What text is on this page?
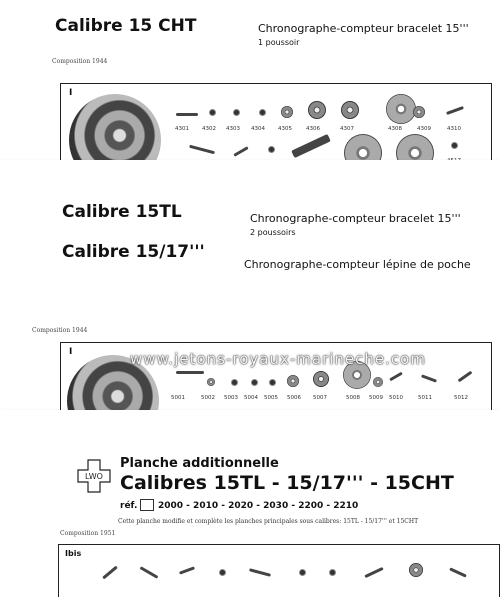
Calibre 15 CHT	Chronographe-compteur bracelet 15'''
1 poussoir
Composition 1944
I
4301 4302 4303 4304 4305	4306	4307	4308	4309	4310
Calibre 15TL	Chronographe-compteur bracelet 15'''
2 poussoirs
Calibre 15/17'''
Chronographe-compteur lépine de poche
Composition 1944
I
5001	5002 5003 5004 5005 5006 5007	5008 5009 5010	5011	5012
www.jetons-royaux-marineche.com
LWO
Planche additionnelle
Calibres 15TL - 15/17''' - 15CHT
réf. 2000 - 2010 - 2020 - 2030 - 2200 - 2210
Cette planche modifie et complète les planches principales sous calibres: 15TL - 15/17''' et 15CHT
Composition 1951
Ibis
